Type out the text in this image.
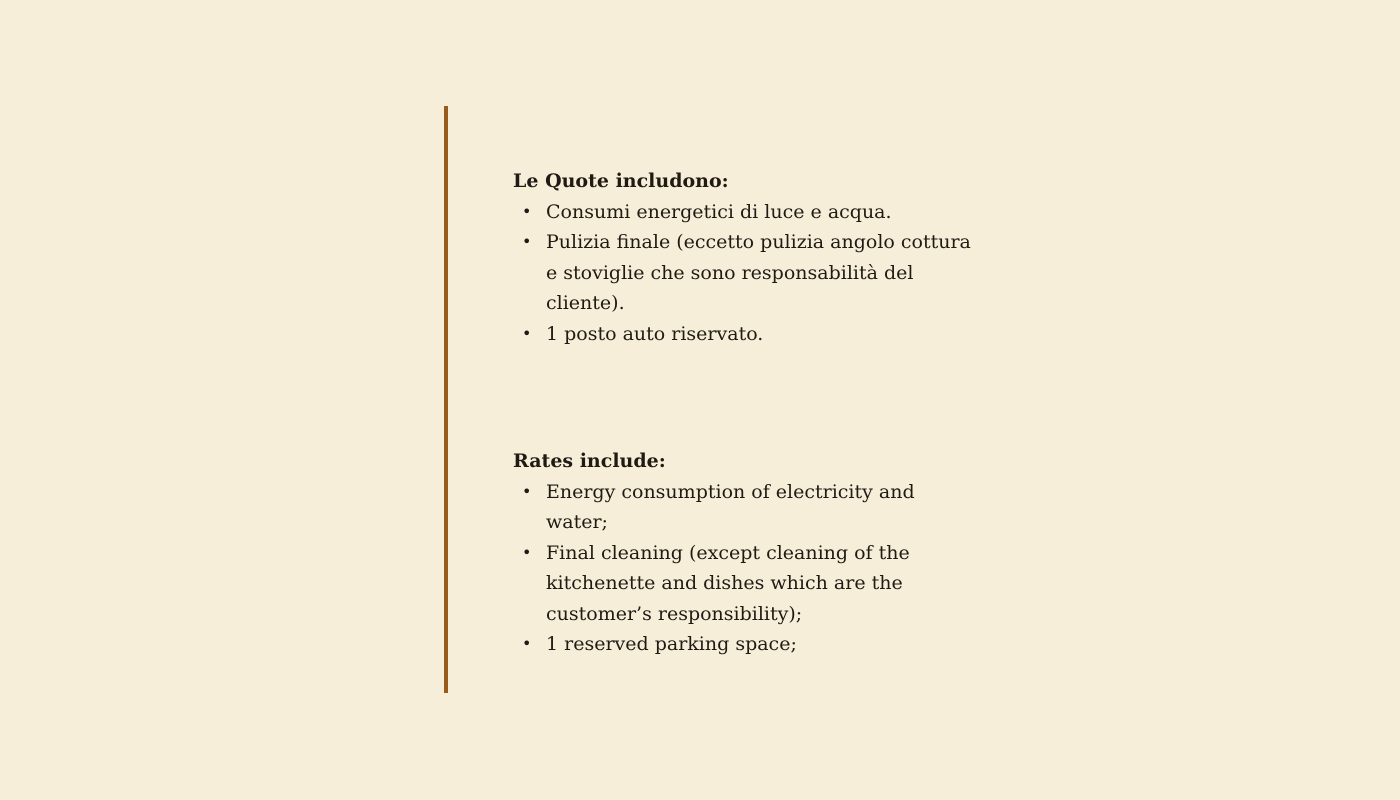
Le Quote includono:

• Consumi energetici di luce e acqua.
• Pulizia finale (eccetto pulizia angolo cottura e stoviglie che sono responsabilità del cliente).
• 1 posto auto riservato.

Rates include:

• Energy consumption of electricity and water;
• Final cleaning (except cleaning of the kitchenette and dishes which are the customer’s responsibility);
• 1 reserved parking space;
